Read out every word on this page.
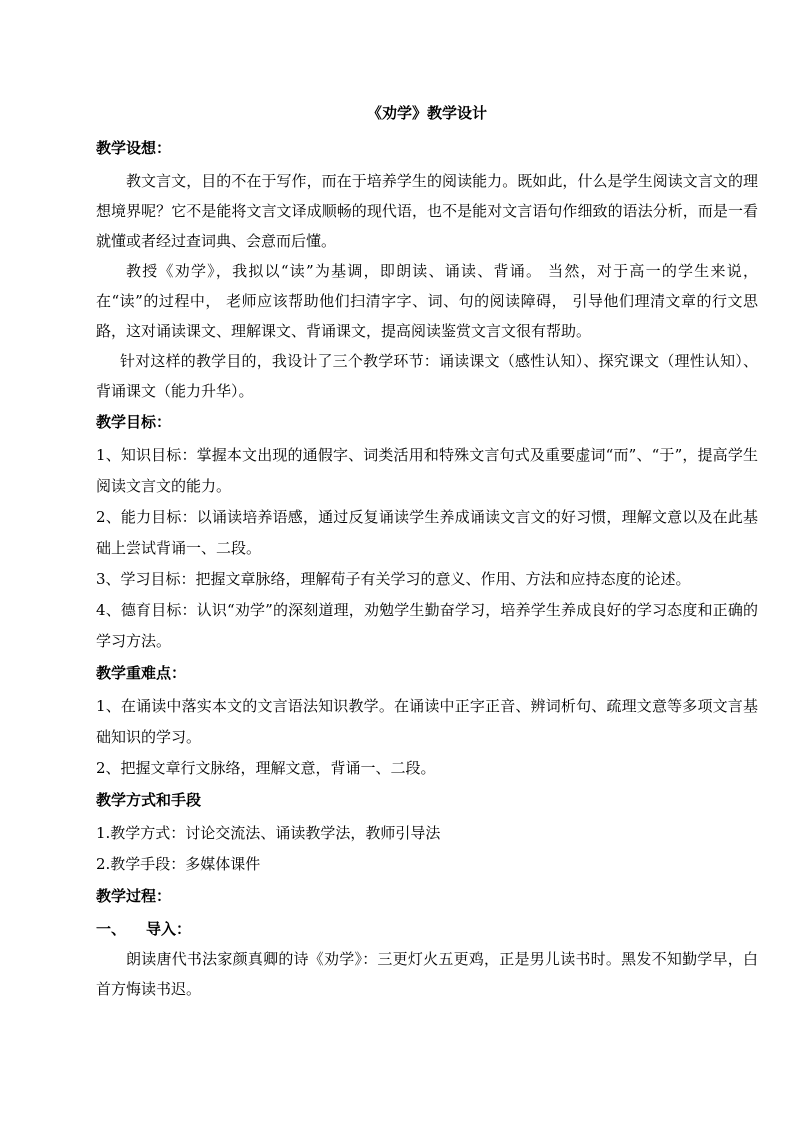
《劝学》教学设计
教学设想：

教文言文，目的不在于写作，而在于培养学生的阅读能力。既如此，什么是学生阅读文言文的理想境界呢？它不是能将文言文译成顺畅的现代语，也不是能对文言语句作细致的语法分析，而是一看就懂或者经过查词典、会意而后懂。

教授《劝学》，我拟以“读”为基调，即朗读、诵读、背诵。 当然，对于高一的学生来说，在“读”的过程中， 老师应该帮助他们扫清字字、词、句的阅读障碍， 引导他们理清文章的行文思路，这对诵读课文、理解课文、背诵课文，提高阅读鉴赏文言文很有帮助。

针对这样的教学目的，我设计了三个教学环节：诵读课文（感性认知）、探究课文（理性认知）、背诵课文（能力升华）。

教学目标：

1、知识目标：掌握本文出现的通假字、词类活用和特殊文言句式及重要虚词“而”、“于”，提高学生阅读文言文的能力。

2、能力目标：以诵读培养语感，通过反复诵读学生养成诵读文言文的好习惯，理解文意以及在此基础上尝试背诵一、二段。

3、学习目标：把握文章脉络，理解荀子有关学习的意义、作用、方法和应持态度的论述。

4、德育目标：认识“劝学”的深刻道理，劝勉学生勤奋学习，培养学生养成良好的学习态度和正确的学习方法。

教学重难点：

1、在诵读中落实本文的文言语法知识教学。在诵读中正字正音、辨词析句、疏理文意等多项文言基础知识的学习。

2、把握文章行文脉络，理解文意，背诵一、二段。

教学方式和手段

1.教学方式：讨论交流法、诵读教学法，教师引导法

2.教学手段：多媒体课件

教学过程：
一、 导入：

朗读唐代书法家颜真卿的诗《劝学》：三更灯火五更鸡，正是男儿读书时。黑发不知勤学早，白首方悔读书迟。
